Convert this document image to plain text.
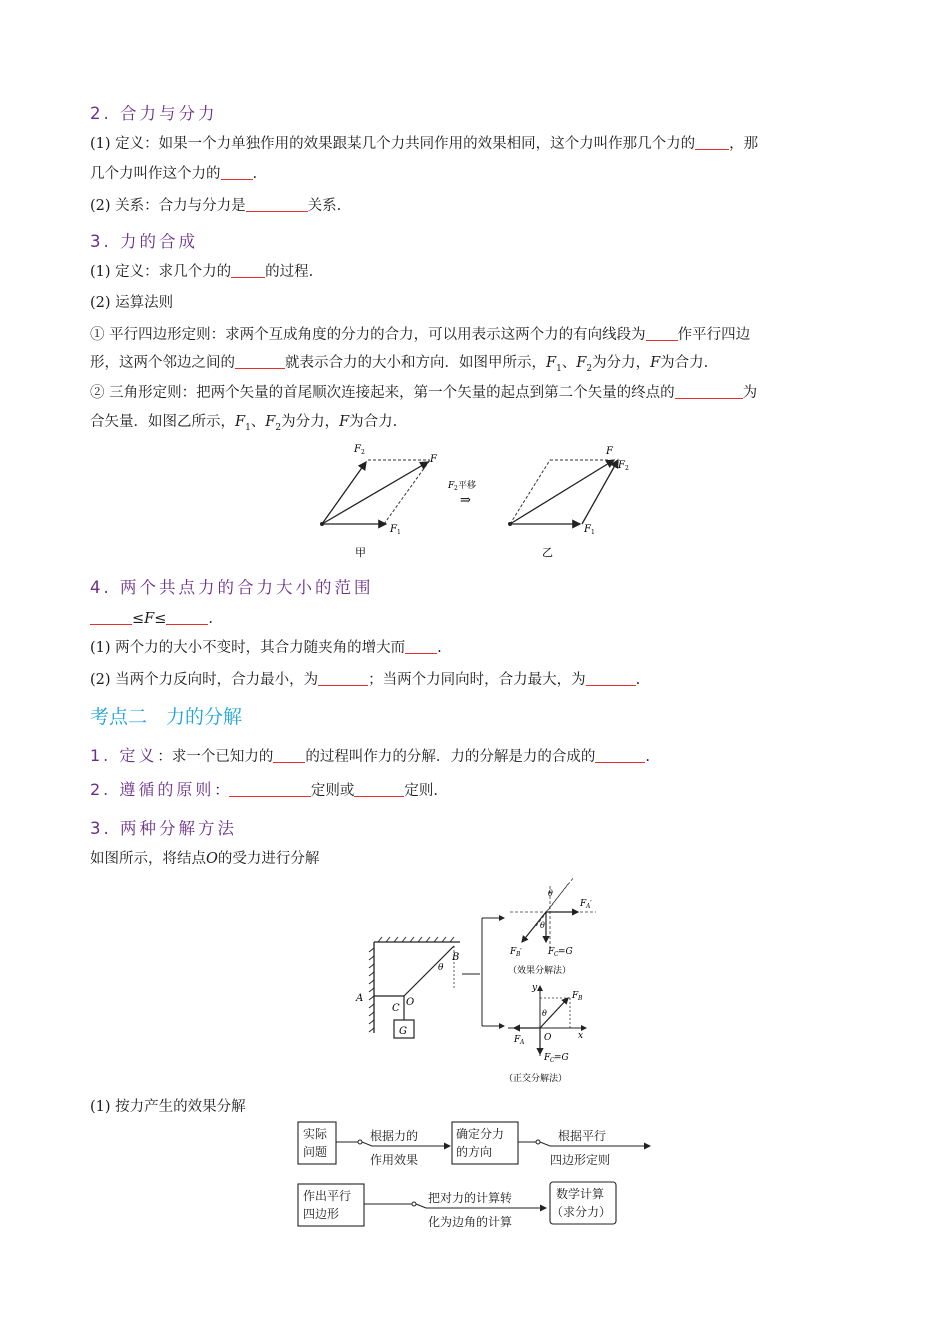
2. 合力与分力
(1) 定义：如果一个力单独作用的效果跟某几个力共同作用的效果相同，这个力叫作那几个力的 ，那
几个力叫作这个力的 .
(2) 关系：合力与分力是	关系.
3. 力的合成
(1) 定义：求几个力的 的过程.
(2) 运算法则
① 平行四边形定则：求两个互成角度的分力的合力，可以用表示这两个力的有向线段为 作平行四边
形，这两个邻边之间的	就表示合力的大小和方向．如图甲所示，$F_1$、$F_2$为分力，F为合力.
② 三角形定则：把两个矢量的首尾顺次连接起来，第一个矢量的起点到第二个矢量的终点的	为
合矢量．如图乙所示，$F_1$、$F_2$为分力，F为合力.
F 2
F
F 1
甲
F 2 平移
⇒
F
F 2
F 1
乙
4. 两个共点力的合力大小的范围
≤F≤	.
(1) 两个力的大小不变时，其合力随夹角的增大而 .
(2) 当两个力反向时，合力最小，为	；当两个力同向时，合力最大，为	.
考点二　力的分解
1. 定义：求一个已知力的 的过程叫作力的分解．力的分解是力的合成的	.
2. 遵循的原则：	定则或	定则.
3. 两种分解方法
如图所示，将结点O的受力进行分解
A
B
C
O
G
θ
θ
θ
F A ′
F B ′	F C =G
（效果分解法）
y
x
θ
O
F B
F A
F C =G
（正交分解法）
(1) 按力产生的效果分解
实际
问题
根据力的
作用效果
确定分力
的方向
根据平行
四边形定则
作出平行
四边形
把对力的计算转
化为边角的计算
数学计算
（求分力）
